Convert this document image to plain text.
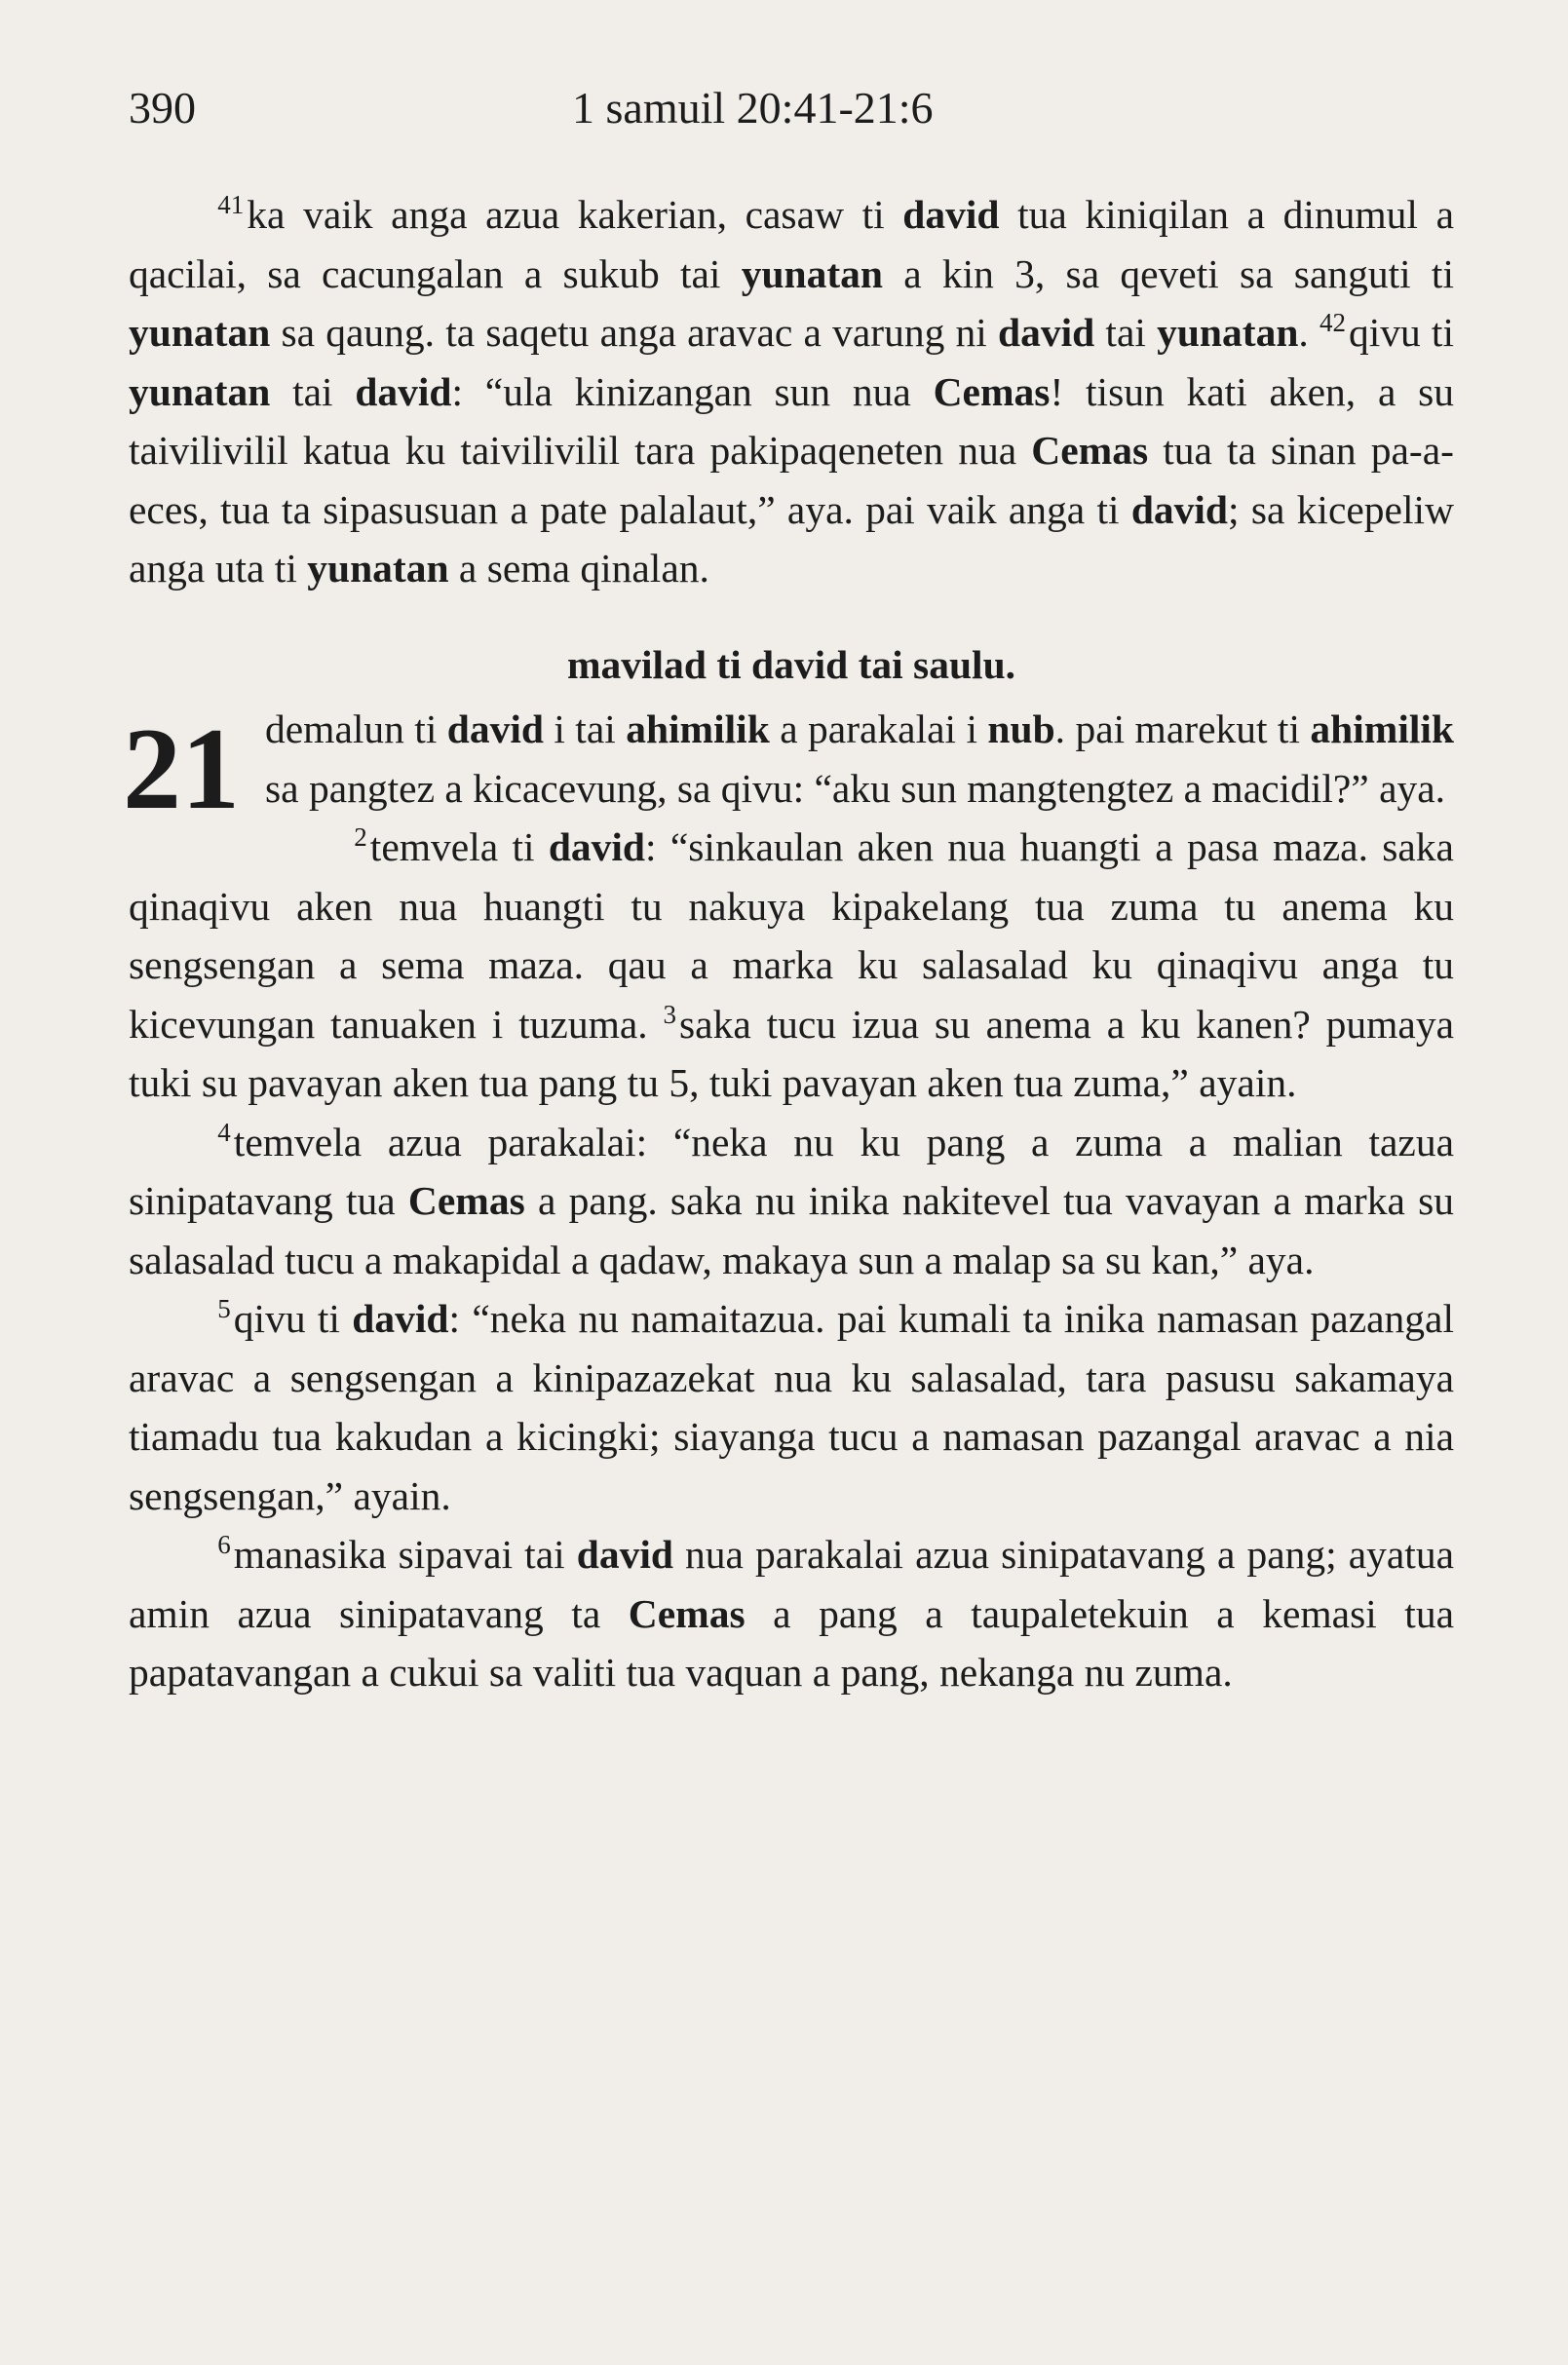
390	1 samuil 20:41-21:6

$^{41}$ka vaik anga azua kakerian, casaw ti david tua kiniqilan a dinumul a qacilai, sa cacungalan a sukub tai yunatan a kin 3, sa qeveti sa sanguti ti yunatan sa qaung. ta saqetu anga aravac a varung ni david tai yunatan. $^{42}$qivu ti yunatan tai david: “ula kinizangan sun nua Cemas! tisun kati aken, a su taivilivilil katua ku taivilivilil tara pakipaqeneten nua Cemas tua ta sinan pa-a-eces, tua ta sipasusuan a pate palalaut,” aya. pai vaik anga ti david; sa kicepeliw anga uta ti yunatan a sema qinalan.

mavilad ti david tai saulu.

21 demalun ti david i tai ahimilik a parakalai i nub. pai marekut ti ahimilik sa pangtez a kicacevung, sa qivu: “aku sun mangtengtez a macidil?” aya.

$^2$temvela ti david: “sinkaulan aken nua huangti a pasa maza. saka qinaqivu aken nua huangti tu nakuya kipakelang tua zuma tu anema ku sengsengan a sema maza. qau a marka ku salasalad ku qinaqivu anga tu kicevungan tanuaken i tuzuma. $^3$saka tucu izua su anema a ku kanen? pumaya tuki su pavayan aken tua pang tu 5, tuki pavayan aken tua zuma,” ayain.

$^4$temvela azua parakalai: “neka nu ku pang a zuma a malian tazua sinipatavang tua Cemas a pang. saka nu inika nakitevel tua vavayan a marka su salasalad tucu a makapidal a qadaw, makaya sun a malap sa su kan,” aya.

$^5$qivu ti david: “neka nu namaitazua. pai kumali ta inika namasan pazangal aravac a sengsengan a kinipazazekat nua ku salasalad, tara pasusu sakamaya tiamadu tua kakudan a kicingki; siayanga tucu a namasan pazangal aravac a nia sengsengan,” ayain.

$^6$manasika sipavai tai david nua parakalai azua sinipatavang a pang; ayatua amin azua sinipatavang ta Cemas a pang a taupaletekuin a kemasi tua papatavangan a cukui sa valiti tua vaquan a pang, nekanga nu zuma.
